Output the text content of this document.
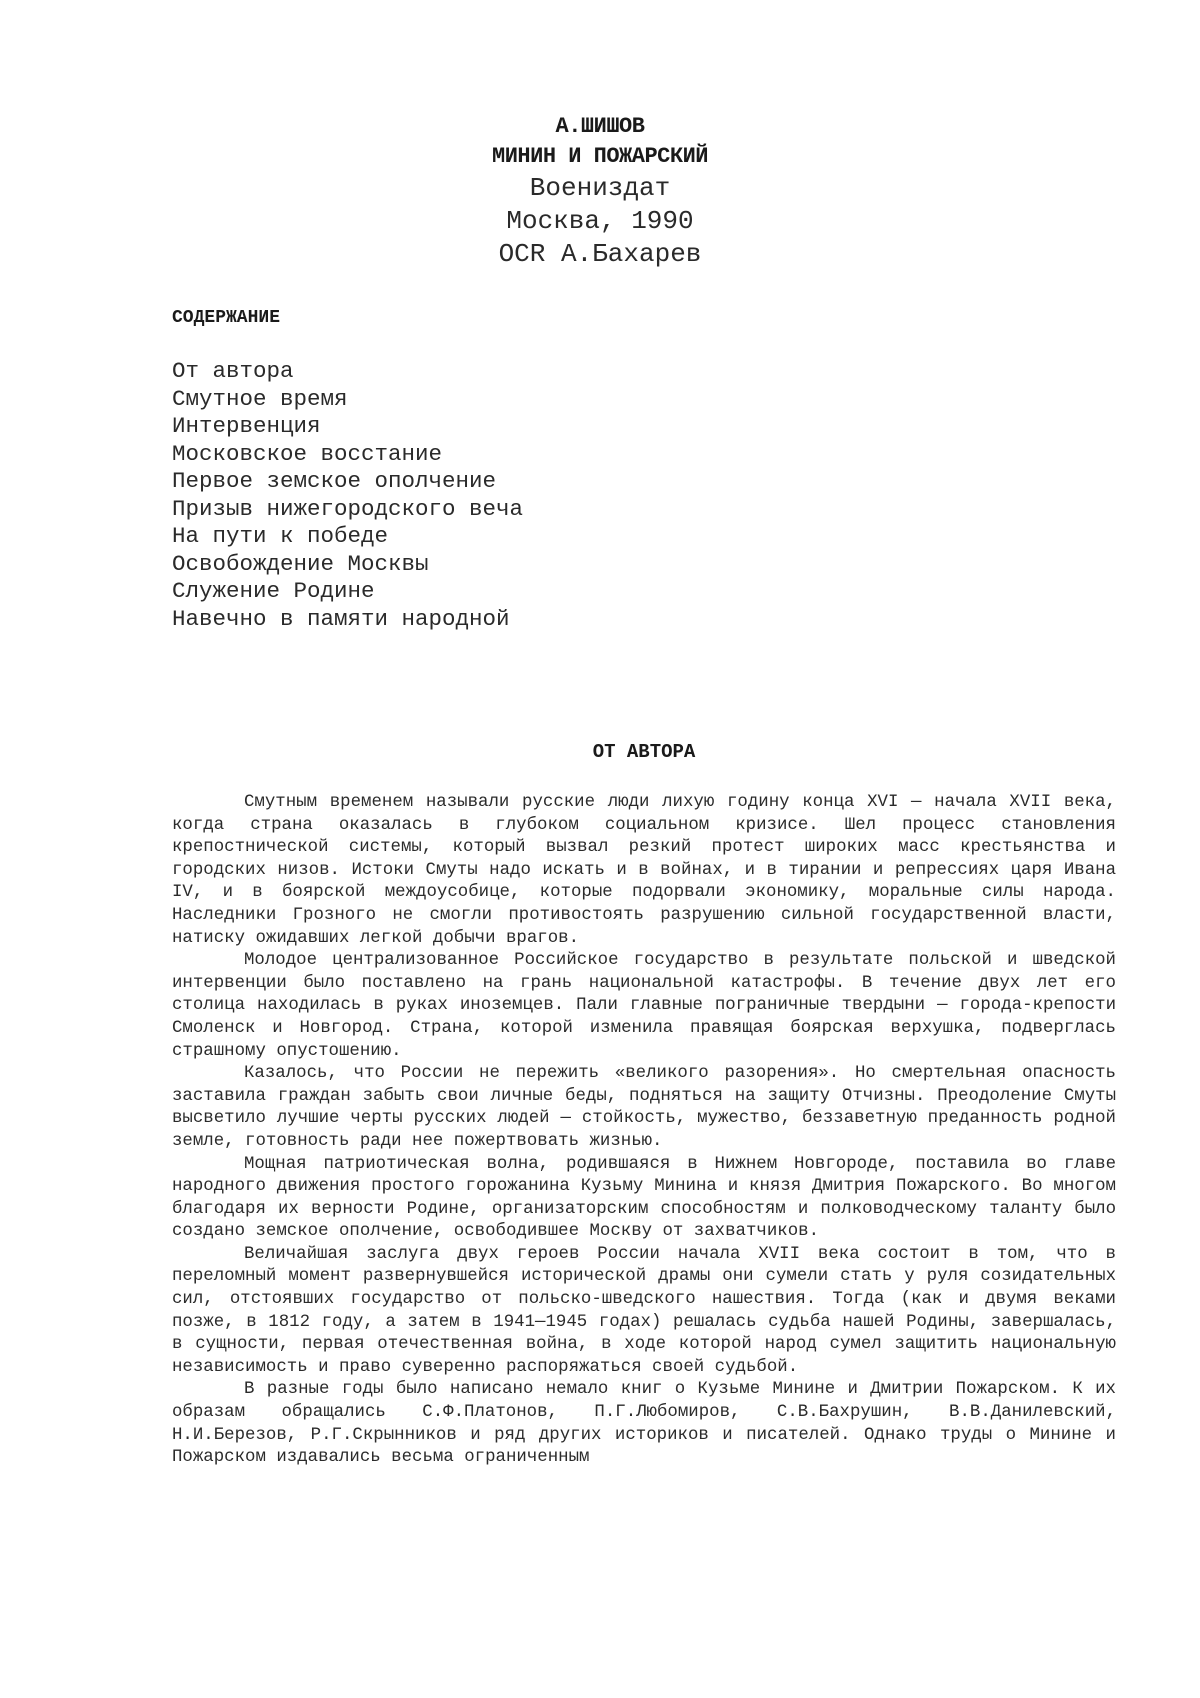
А.ШИШОВ
МИНИН И ПОЖАРСКИЙ
Воениздат
Москва, 1990
OCR А.Бахарев
СОДЕРЖАНИЕ
От автора
Смутное время
Интервенция
Московское восстание
Первое земское ополчение
Призыв нижегородского веча
На пути к победе
Освобождение Москвы
Служение Родине
Навечно в памяти народной
ОТ АВТОРА

Смутным временем называли русские люди лихую годину конца XVI — начала XVII века, когда страна оказалась в глубоком социальном кризисе. Шел процесс становления крепостнической системы, который вызвал резкий протест широких масс крестьянства и городских низов. Истоки Смуты надо искать и в войнах, и в тирании и репрессиях царя Ивана IV, и в боярской междоусобице, которые подорвали экономику, моральные силы народа. Наследники Грозного не смогли противостоять разрушению сильной государственной власти, натиску ожидавших легкой добычи врагов.

Молодое централизованное Российское государство в результате польской и шведской интервенции было поставлено на грань национальной катастрофы. В течение двух лет его столица находилась в руках иноземцев. Пали главные пограничные твердыни — города-крепости Смоленск и Новгород. Страна, которой изменила правящая боярская верхушка, подверглась страшному опустошению.

Казалось, что России не пережить «великого разорения». Но смертельная опасность заставила граждан забыть свои личные беды, подняться на защиту Отчизны. Преодоление Смуты высветило лучшие черты русских людей — стойкость, мужество, беззаветную преданность родной земле, готовность ради нее пожертвовать жизнью.

Мощная патриотическая волна, родившаяся в Нижнем Новгороде, поставила во главе народного движения простого горожанина Кузьму Минина и князя Дмитрия Пожарского. Во многом благодаря их верности Родине, организаторским способностям и полководческому таланту было создано земское ополчение, освободившее Москву от захватчиков.

Величайшая заслуга двух героев России начала XVII века состоит в том, что в переломный момент развернувшейся исторической драмы они сумели стать у руля созидательных сил, отстоявших государство от польско-шведского нашествия. Тогда (как и двумя веками позже, в 1812 году, а затем в 1941—1945 годах) решалась судьба нашей Родины, завершалась, в сущности, первая отечественная война, в ходе которой народ сумел защитить национальную независимость и право суверенно распоряжаться своей судьбой.

В разные годы было написано немало книг о Кузьме Минине и Дмитрии Пожарском. К их образам обращались С.Ф.Платонов, П.Г.Любомиров, С.В.Бахрушин, В.В.Данилевский, Н.И.Березов, Р.Г.Скрынников и ряд других историков и писателей. Однако труды о Минине и Пожарском издавались весьма ограниченным
